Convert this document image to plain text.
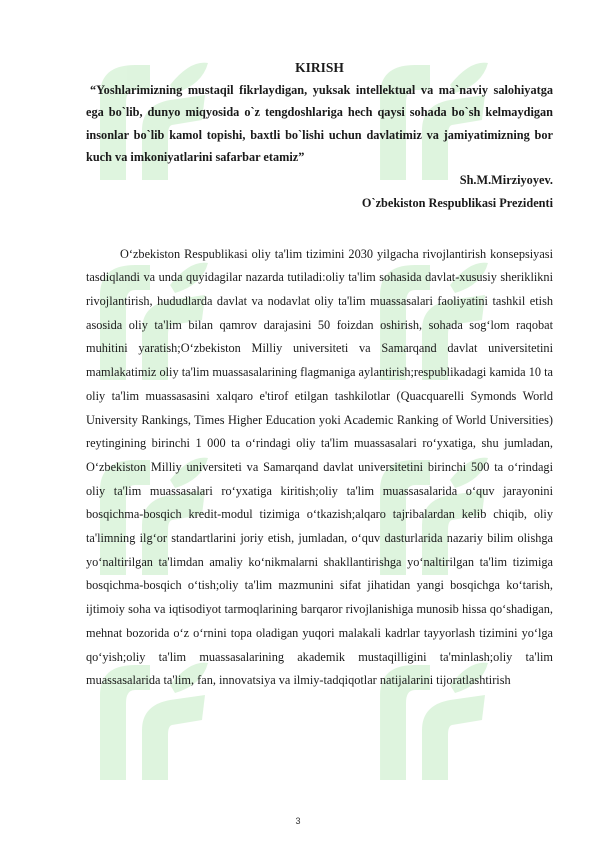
KIRISH

“Yoshlarimizning mustaqil fikrlaydigan, yuksak intellektual va ma`naviy salohiyatga ega bo`lib, dunyo miqyosida o`z tengdoshlariga hech qaysi sohada bo`sh kelmaydigan insonlar bo`lib kamol topishi, baxtli bo`lishi uchun davlatimiz va jamiyatimizning bor kuch va imkoniyatlarini safarbar etamiz”

Sh.M.Mirziyoyev.

O`zbekiston Respublikasi Prezidenti

O‘zbekiston Respublikasi oliy ta'lim tizimini 2030 yilgacha rivojlantirish konsepsiyasi tasdiqlandi va unda quyidagilar nazarda tutiladi:oliy ta'lim sohasida davlat-xususiy sheriklikni rivojlantirish, hududlarda davlat va nodavlat oliy ta'lim muassasalari faoliyatini tashkil etish asosida oliy ta'lim bilan qamrov darajasini 50 foizdan oshirish, sohada sog‘lom raqobat muhitini yaratish;O‘zbekiston Milliy universiteti va Samarqand davlat universitetini mamlakatimiz oliy ta'lim muassasalarining flagmaniga aylantirish;respublikadagi kamida 10 ta oliy ta'lim muassasasini xalqaro e'tirof etilgan tashkilotlar (Quacquarelli Symonds World University Rankings, Times Higher Education yoki Academic Ranking of World Universities) reytingining birinchi 1 000 ta o‘rindagi oliy ta'lim muassasalari ro‘yxatiga, shu jumladan, O‘zbekiston Milliy universiteti va Samarqand davlat universitetini birinchi 500 ta o‘rindagi oliy ta'lim muassasalari ro‘yxatiga kiritish;oliy ta'lim muassasalarida o‘quv jarayonini bosqichma-bosqich kredit-modul tizimiga o‘tkazish;alqaro tajribalardan kelib chiqib, oliy ta'limning ilg‘or standartlarini joriy etish, jumladan, o‘quv dasturlarida nazariy bilim olishga yo‘naltirilgan ta'limdan amaliy ko‘nikmalarni shakllantirishga yo‘naltirilgan ta'lim tizimiga bosqichma-bosqich o‘tish;oliy ta'lim mazmunini sifat jihatidan yangi bosqichga ko‘tarish, ijtimoiy soha va iqtisodiyot tarmoqlarining barqaror rivojlanishiga munosib hissa qo‘shadigan, mehnat bozorida o‘z o‘rnini topa oladigan yuqori malakali kadrlar tayyorlash tizimini yo‘lga qo‘yish;oliy ta'lim muassasalarining akademik mustaqilligini ta'minlash;oliy ta'lim muassasalarida ta'lim, fan, innovatsiya va ilmiy-tadqiqotlar natijalarini tijoratlashtirish

3
